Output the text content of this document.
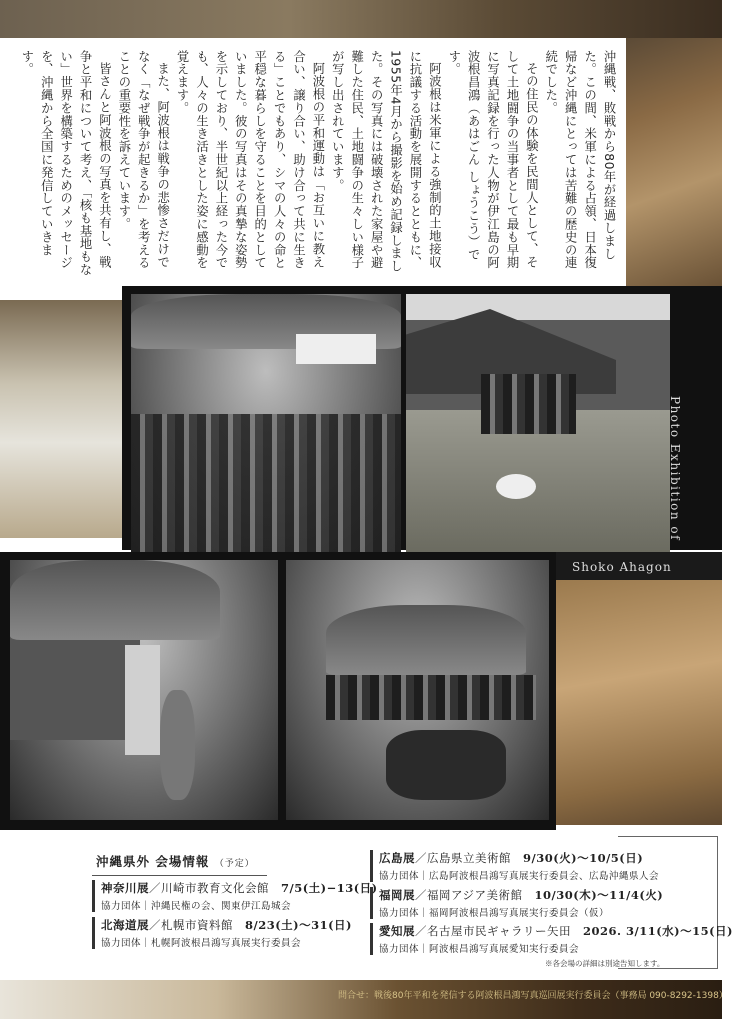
沖縄戦、敗戦から80年が経過しました。この間、米軍による占領、日本復帰など沖縄にとっては苦難の歴史の連続でした。

その住民の体験を民間人として、そして土地闘争の当事者として最も早期に写真記録を行った人物が伊江島の阿波根昌鴻（あはごん しょうこう）です。

阿波根は米軍による強制的土地接収に抗議する活動を展開するとともに、1955年4月から撮影を始め記録しました。その写真には破壊された家屋や避難した住民、土地闘争の生々しい様子が写し出されています。

阿波根の平和運動は「お互いに教え合い、譲り合い、助け合って共に生きる」ことでもあり、シマの人々の命と平穏な暮らしを守ることを目的としていました。彼の写真はその真摯な姿勢を示しており、半世紀以上経った今でも、人々の生き活きとした姿に感動を覚えます。

また、阿波根は戦争の悲惨さだけでなく「なぜ戦争が起きるか」を考えることの重要性を訴えています。

皆さんと阿波根の写真を共有し、戦争と平和について考え、「核も基地もない」世界を構築するためのメッセージを、沖縄から全国に発信していきます。

Photo Exhibition of
Shoko Ahagon
沖縄県外 会場情報 （予定）
神奈川展／川崎市教育文化会館　 7/5(土)−13(日)
協力団体｜沖縄民権の会、関東伊江島城会
北海道展／札幌市資料館　 8/23(土)〜31(日)
協力団体｜札幌阿波根昌鴻写真展実行委員会
広島展／広島県立美術館　 9/30(火)〜10/5(日)
協力団体｜広島阿波根昌鴻写真展実行委員会、広島沖縄県人会
福岡展／福岡アジア美術館　 10/30(木)〜11/4(火)
協力団体｜福岡阿波根昌鴻写真展実行委員会（仮）
愛知展／名古屋市民ギャラリー矢田　 2026. 3/11(水)〜15(日)
協力団体｜阿波根昌鴻写真展愛知実行委員会
※各会場の詳細は別途告知します。
問合せ：戦後80年平和を発信する阿波根昌鴻写真巡回展実行委員会（事務局 090-8292-1398）
